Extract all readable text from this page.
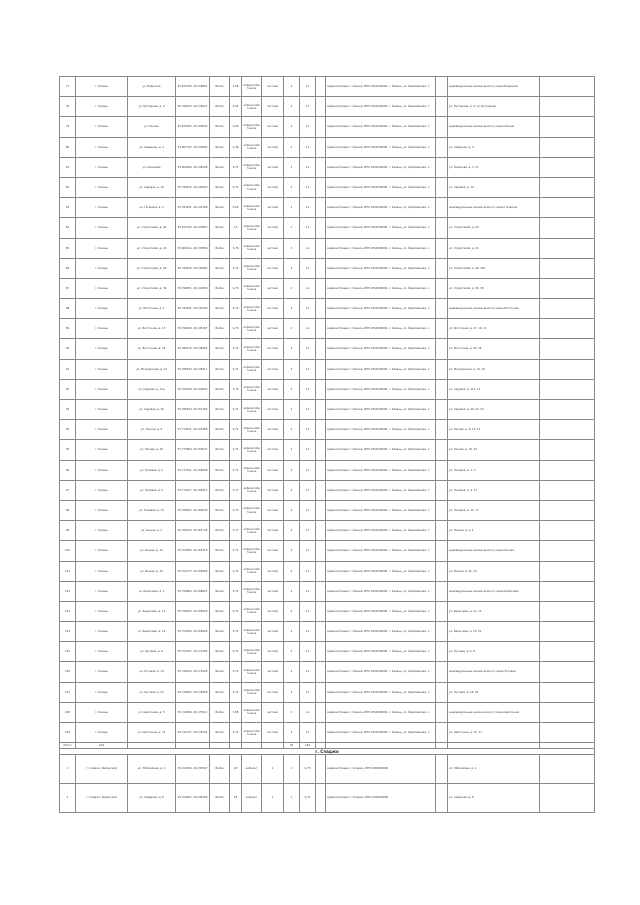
77	г. Казань	ул. Водников	55.812345, 49.128867	Ветви	3,88	асфальтобетонное	частная	2	1,1		Администрация г. Казани, ИНН 1654000000, г. Казань, ул. Кремлевская, 1		индивидуальные жилые дома по улице Водников	
78	г. Казань	ул. Бутлерова, д. 9	55.790233, 49.135621	Ветви	2,94	асфальтобетонное	частная	2	1,1		Администрация г. Казани, ИНН 1654000000, г. Казань, ул. Кремлевская, 1		ул. Бутлерова, д. 9, ул. Бутлерова	
79	г. Казань	ул. Лесная	55.815267, 49.100945	Ветви	2,00	асфальтобетонное	частная	2	1,1		Администрация г. Казани, ИНН 1654000000, г. Казань, ул. Кремлевская, 1		индивидуальные жилые дома по улице Лесная	
80	г. Казань	ул. Северная, д. 4	55.807745, 49.130082	Ветви	2,36	асфальтобетонное	частная	2	1,1		Администрация г. Казани, ИНН 1654000000, г. Казань, ул. Кремлевская, 1		ул. Северная, д. 4	
81	г. Казань	ул. Рахимова	55.800009, 49.138296	Ветви	4,73	асфальтобетонное	частная	3	1,1		Администрация г. Казани, ИНН 1654000000, г. Казань, ул. Кремлевская, 1		ул. Рахимова, д. 3, 11	
82	г. Казань	ул. Садовая, д. 10	55.795612, 49.140443	Ветви	5,72	асфальтобетонное	частная	3	1,1		Администрация г. Казани, ИНН 1654000000, г. Казань, ул. Кремлевская, 1		ул. Садовая, д. 10	
83	г. Казань	ул. Гагарина, д. 2	55.783451, 49.141288	Ветви	2,00	асфальтобетонное	частная	2	1,1		Администрация г. Казани, ИНН 1654000000, г. Казань, ул. Кремлевская, 1		индивидуальные жилые дома по улице Гагарина	
84	г. Казань	ул. Строителей, д. 20	55.812345, 49.129987	Ветви	1,5	асфальтобетонное	частная	1	1,1		Администрация г. Казани, ИНН 1654000000, г. Казань, ул. Кремлевская, 1		ул. Строителей, д. 20	
85	г. Казань	ул. Строителей, д. 24	55.800411, 49.139589	Ветви	3,76	асфальтобетонное	частная	3	1,1		Администрация г. Казани, ИНН 1654000000, г. Казань, ул. Кремлевская, 1		ул. Строителей, д. 24	
86	г. Казань	ул. Строителей, д. 28	55.798236, 49.140483	Ветви	5,72	асфальтобетонное	частная	3	1,1		Администрация г. Казани, ИНН 1654000000, г. Казань, ул. Кремлевская, 1		ул. Строителей, д. 28, 30а	
87	г. Казань	ул. Строителей, д. 36	55.796871, 49.141956	Ветви	4,70	асфальтобетонное	частная	4	1,1		Администрация г. Казани, ИНН 1654000000, г. Казань, ул. Кремлевская, 1		ул. Строителей, д. 36, 38	
88	г. Казань	ул. Восточная, д. 3	55.792561, 49.143509	Ветви	4,70	асфальтобетонное	частная	4	1,1		Администрация г. Казани, ИНН 1654000000, г. Казань, ул. Кремлевская, 1		индивидуальные жилые дома по улице Восточная	
89	г. Казань	ул. Восточная, д. 17	55.790022, 49.145187	Ветви	4,70	асфальтобетонное	частная	4	1,1		Администрация г. Казани, ИНН 1654000000, г. Казань, ул. Кремлевская, 1		ул. Восточная, д. 17, 19, 21	
90	г. Казань	ул. Восточная, д. 26	55.788115, 49.146902	Ветви	5,72	асфальтобетонное	частная	3	1,1		Администрация г. Казани, ИНН 1654000000, г. Казань, ул. Кремлевская, 1		ул. Восточная, д. 26, 28	
91	г. Казань	ул. Молодежная, д. 14	55.785633, 49.148217	Ветви	5,72	асфальтобетонное	частная	3	1,1		Администрация г. Казани, ИНН 1654000000, г. Казань, ул. Кремлевская, 1		ул. Молодежная, д. 14, 16	
92	г. Казань	ул. Садовая, д. 11а	55.783019, 49.150054	Ветви	3,76	асфальтобетонное	частная	3	1,1		Администрация г. Казани, ИНН 1654000000, г. Казань, ул. Кремлевская, 1		ул. Садовая, д. 11а, 13	
93	г. Казань	ул. Садовая, д. 20	55.780814, 49.151793	Ветви	5,72	асфальтобетонное	частная	4	1,1		Администрация г. Казани, ИНН 1654000000, г. Казань, ул. Кремлевская, 1		ул. Садовая, д. 20, 22, 24	
94	г. Казань	ул. Лесная, д. 8	55.778231, 49.153386	Ветви	5,72	асфальтобетонное	частная	4	1,1		Администрация г. Казани, ИНН 1654000000, г. Казань, ул. Кремлевская, 1		ул. Лесная, д. 8, 10, 12	
95	г. Казань	ул. Лесная, д. 18	55.775884, 49.155047	Ветви	4,70	асфальтобетонное	частная	4	1,1		Администрация г. Казани, ИНН 1654000000, г. Казань, ул. Кремлевская, 1		ул. Лесная, д. 18, 20	
96	г. Казань	ул. Полевая, д. 1	55.773321, 49.156688	Ветви	5,72	асфальтобетонное	частная	3	1,1		Администрация г. Казани, ИНН 1654000000, г. Казань, ул. Кремлевская, 1		ул. Полевая, д. 1, 3	
97	г. Казань	ул. Полевая, д. 9	55.770917, 49.158412	Ветви	5,72	асфальтобетонное	частная	4	1,1		Администрация г. Казани, ИНН 1654000000, г. Казань, ул. Кремлевская, 1		ул. Полевая, д. 9, 11	
98	г. Казань	ул. Полевая, д. 15	55.768503, 49.160039	Ветви	4,70	асфальтобетонное	частная	4	1,1		Администрация г. Казани, ИНН 1654000000, г. Казань, ул. Кремлевская, 1		ул. Полевая, д. 15, 17	
99	г. Казань	ул. Речная, д. 2	55.766102, 49.161744	Ветви	5,72	асфальтобетонное	частная	4	1,1		Администрация г. Казани, ИНН 1654000000, г. Казань, ул. Кремлевская, 1		ул. Речная, д. 2, 4	
100	г. Казань	ул. Речная, д. 12	55.763689, 49.163318	Ветви	5,72	асфальтобетонное	частная	3	1,1		Администрация г. Казани, ИНН 1654000000, г. Казань, ул. Кремлевская, 1		индивидуальные жилые дома по улице Речная	
101	г. Казань	ул. Речная, д. 22	55.761277, 49.164995	Ветви	4,70	асфальтобетонное	частная	4	1,1		Администрация г. Казани, ИНН 1654000000, г. Казань, ул. Кремлевская, 1		ул. Речная, д. 22, 24	
102	г. Казань	ул. Береговая, д. 3	55.758864, 49.166621	Ветви	5,72	асфальтобетонное	частная	4	1,1		Администрация г. Казани, ИНН 1654000000, г. Казань, ул. Кремлевская, 1		индивидуальные жилые дома по улице Береговая	
103	г. Казань	ул. Береговая, д. 11	55.756452, 49.168303	Ветви	5,72	асфальтобетонное	частная	4	1,1		Администрация г. Казани, ИНН 1654000000, г. Казань, ул. Кремлевская, 1		ул. Береговая, д. 11, 13	
104	г. Казань	ул. Береговая, д. 19	55.754039, 49.169926	Ветви	5,72	асфальтобетонное	частная	4	1,1		Администрация г. Казани, ИНН 1654000000, г. Казань, ул. Кремлевская, 1		ул. Береговая, д. 19, 21	
105	г. Казань	ул. Луговая, д. 6	55.751627, 49.171582	Ветви	5,72	асфальтобетонное	частная	3	1,1		Администрация г. Казани, ИНН 1654000000, г. Казань, ул. Кремлевская, 1		ул. Луговая, д. 6, 8	
106	г. Казань	ул. Луговая, д. 14	55.749214, 49.173209	Ветви	4,70	асфальтобетонное	частная	4	1,1		Администрация г. Казани, ИНН 1654000000, г. Казань, ул. Кремлевская, 1		индивидуальные жилые дома по улице Луговая	
107	г. Казань	ул. Луговая, д. 24	55.746802, 49.174858	Ветви	5,72	асфальтобетонное	частная	4	1,1		Администрация г. Казани, ИНН 1654000000, г. Казань, ул. Кремлевская, 1		ул. Луговая, д. 24, 26	
108	г. Казань	ул. Цветочная, д. 5	55.744389, 49.176511	Ветви	3,88	асфальтобетонное	частная	2	1,1		Администрация г. Казани, ИНН 1654000000, г. Казань, ул. Кремлевская, 1		индивидуальные жилые дома по улице Цветочная	
109	г. Казань	ул. Цветочная, д. 15	55.741977, 49.178144	Ветви	5,72	асфальтобетонное	частная	4	1,1		Администрация г. Казани, ИНН 1654000000, г. Казань, ул. Кремлевская, 1		ул. Цветочная, д. 15, 17	
Итого	109							92	190					
г. Сладжо														
1	г. Сладжо, Рыбинский	ул. Юбилейная, д. 2	55.012345, 49.234567	Ветви	18	асфальт	1	1	0,75		Администрация г. Сладжо, ИНН 1600000000		ул. Юбилейная, д. 2	
2	г. Сладжо, Рыбинский	ул. Северная, д. 8	55.014567, 49.236789	Ветви	18	асфальт	1	1	0,75		Администрация г. Сладжо, ИНН 1600000000		ул. Северная, д. 8	
